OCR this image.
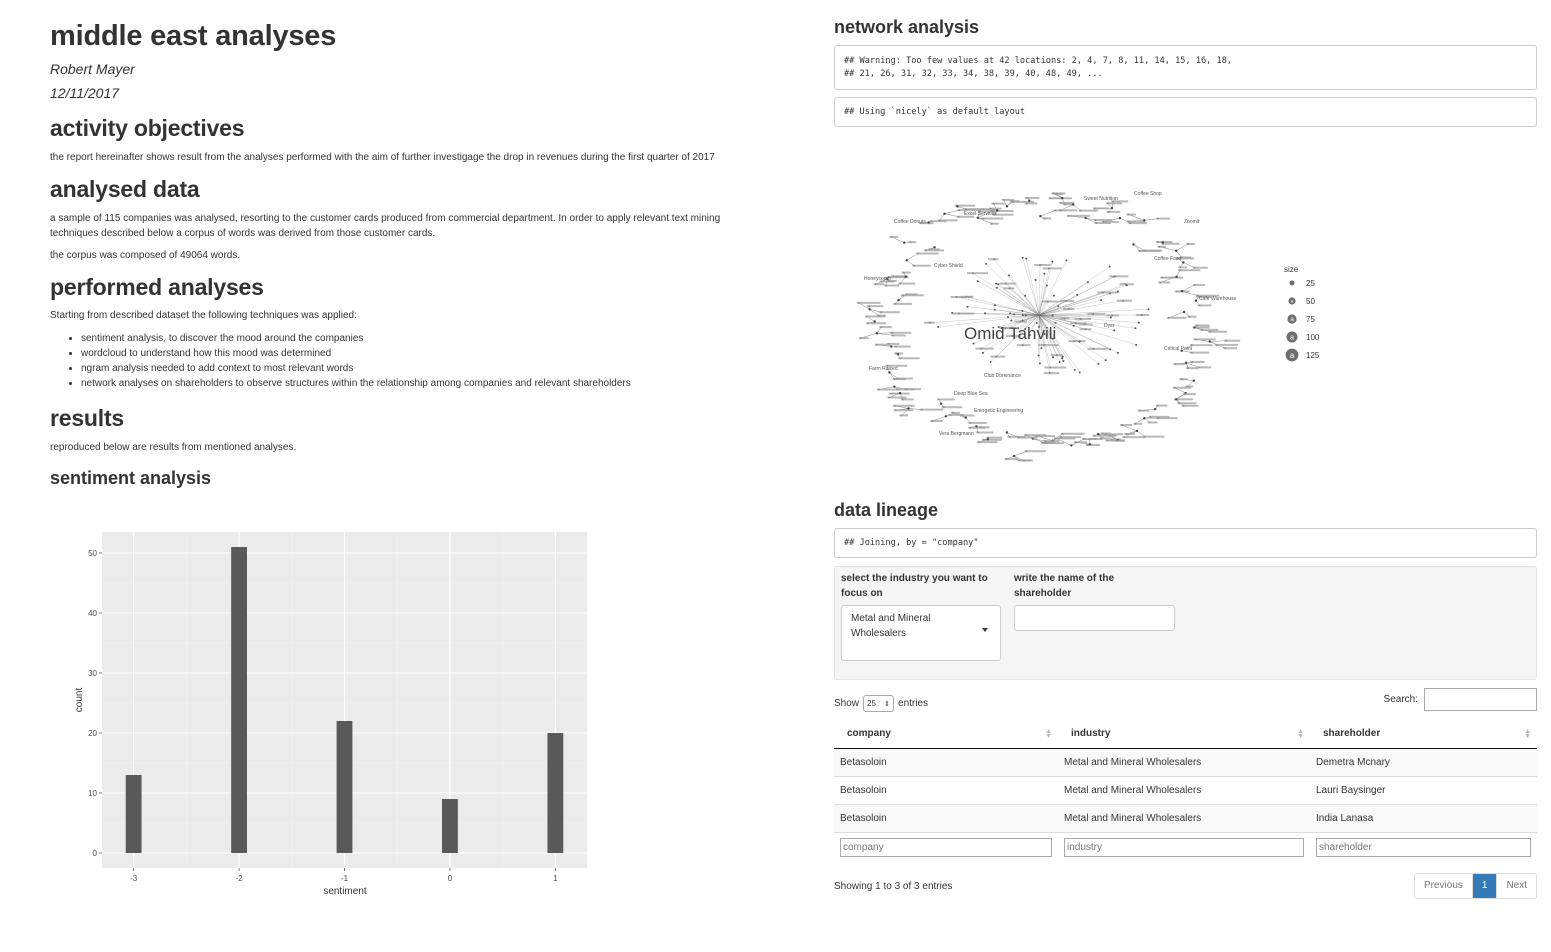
middle east analyses
Robert Mayer
12/11/2017
activity objectives

the report hereinafter shows result from the analyses performed with the aim of further investigage the drop in revenues during the first quarter of 2017

analysed data

a sample of 115 companies was analysed, resorting to the customer cards produced from commercial department. In order to apply relevant text mining techniques described below a corpus of words was derived from those customer cards.

the corpus was composed of 49064 words.

performed analyses

Starting from described dataset the following techniques was applied:

• sentiment analysis, to discover the mood around the companies
• wordcloud to understand how this mood was determined
• ngram analysis needed to add context to most relevant words
• network analyses on shareholders to observe structures within the relationship among companies and relevant shareholders
results

reproduced below are results from mentioned analyses.

sentiment analysis
0
10
20
30
40
50
-3	-2	-1	0	1
sentiment
count
network analysis
## Warning: Too few values at 42 locations: 2, 4, 7, 8, 11, 14, 15, 16, 18,
## 21, 26, 31, 32, 33, 34, 38, 39, 40, 48, 49, ...
## Using `nicely` as default layout
Coffee Donuts
Cyber Shield
Dyer
Zoomit
Deep Blue Sea
Farm Raised
Vera Bergmann
Coffee Food
Critical Point
Cafe Warehouse
Energetic Engineering
Sweet Nutrition
Excel Services
Honeycomb
Club Dominance
Coffee Shop
Omid Tahvili
size
25
a 50
a 75
a 100
a 125
data lineage
## Joining, by = "company"
select the industry you want to focus on
write the name of the shareholder
Metal and Mineral Wholesalers
Show 25 ⇕ entries	Search:
company ▲
▼	industry ▲
▼	shareholder ▲
▼

Betasoloin	Metal and Mineral Wholesalers	Demetra Mcnary
Betasoloin	Metal and Mineral Wholesalers	Lauri Baysinger
Betasoloin	Metal and Mineral Wholesalers	India Lanasa
company	industry	shareholder
Showing 1 to 3 of 3 entries	Previous	1	Next
